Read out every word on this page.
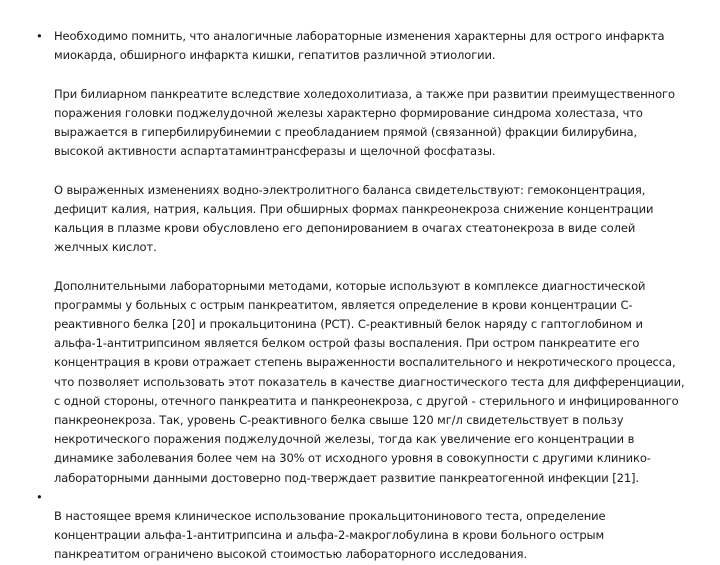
• Необходимо помнить, что аналогичные лабораторные изменения характерны для острого инфаркта миокарда, обширного инфаркта кишки, гепатитов различной этиологии.

При билиарном панкреатите вследствие холедохолитиаза, а также при развитии преимущественного поражения головки поджелудочной железы характерно формирование синдрома холестаза, что выражается в гипербилирубинемии с преобладанием прямой (связанной) фракции билирубина, высокой активности аспартатаминтрансферазы и щелочной фосфатазы.

О выраженных изменениях водно-электролитного баланса свидетельствуют: гемоконцентрация, дефицит калия, натрия, кальция. При обширных формах панкреонекроза снижение концентрации кальция в плазме крови обусловлено его депонированием в очагах стеатонекроза в виде солей желчных кислот.

Дополнительными лабораторными методами, которые используют в комплексе диагностической программы у больных с острым панкреатитом, является определение в крови концентрации С-реактивного белка [20] и прокальцитонина (PCT). С-реактивный белок наряду с гаптоглобином и альфа-1-антитрипсином является белком острой фазы воспаления. При остром панкреатите его концентрация в крови отражает степень выраженности воспалительного и некротического процесса, что позволяет использовать этот показатель в качестве диагностического теста для дифференциации, с одной стороны, отечного панкреатита и панкреонекроза, с другой - стерильного и инфицированного панкреонекроза. Так, уровень С-реактивного белка свыше 120 мг/л свидетельствует в пользу некротического поражения поджелудочной железы, тогда как увеличение его концентрации в динамике заболевания более чем на 30% от исходного уровня в совокупности с другими клинико-лабораторными данными достоверно под-тверждает развитие панкреатогенной инфекции [21].

•

В настоящее время клиническое использование прокальцитонинового теста, определение концентрации альфа-1-антитрипсина и альфа-2-макроглобулина в крови больного острым панкреатитом ограничено высокой стоимостью лабораторного исследования.
